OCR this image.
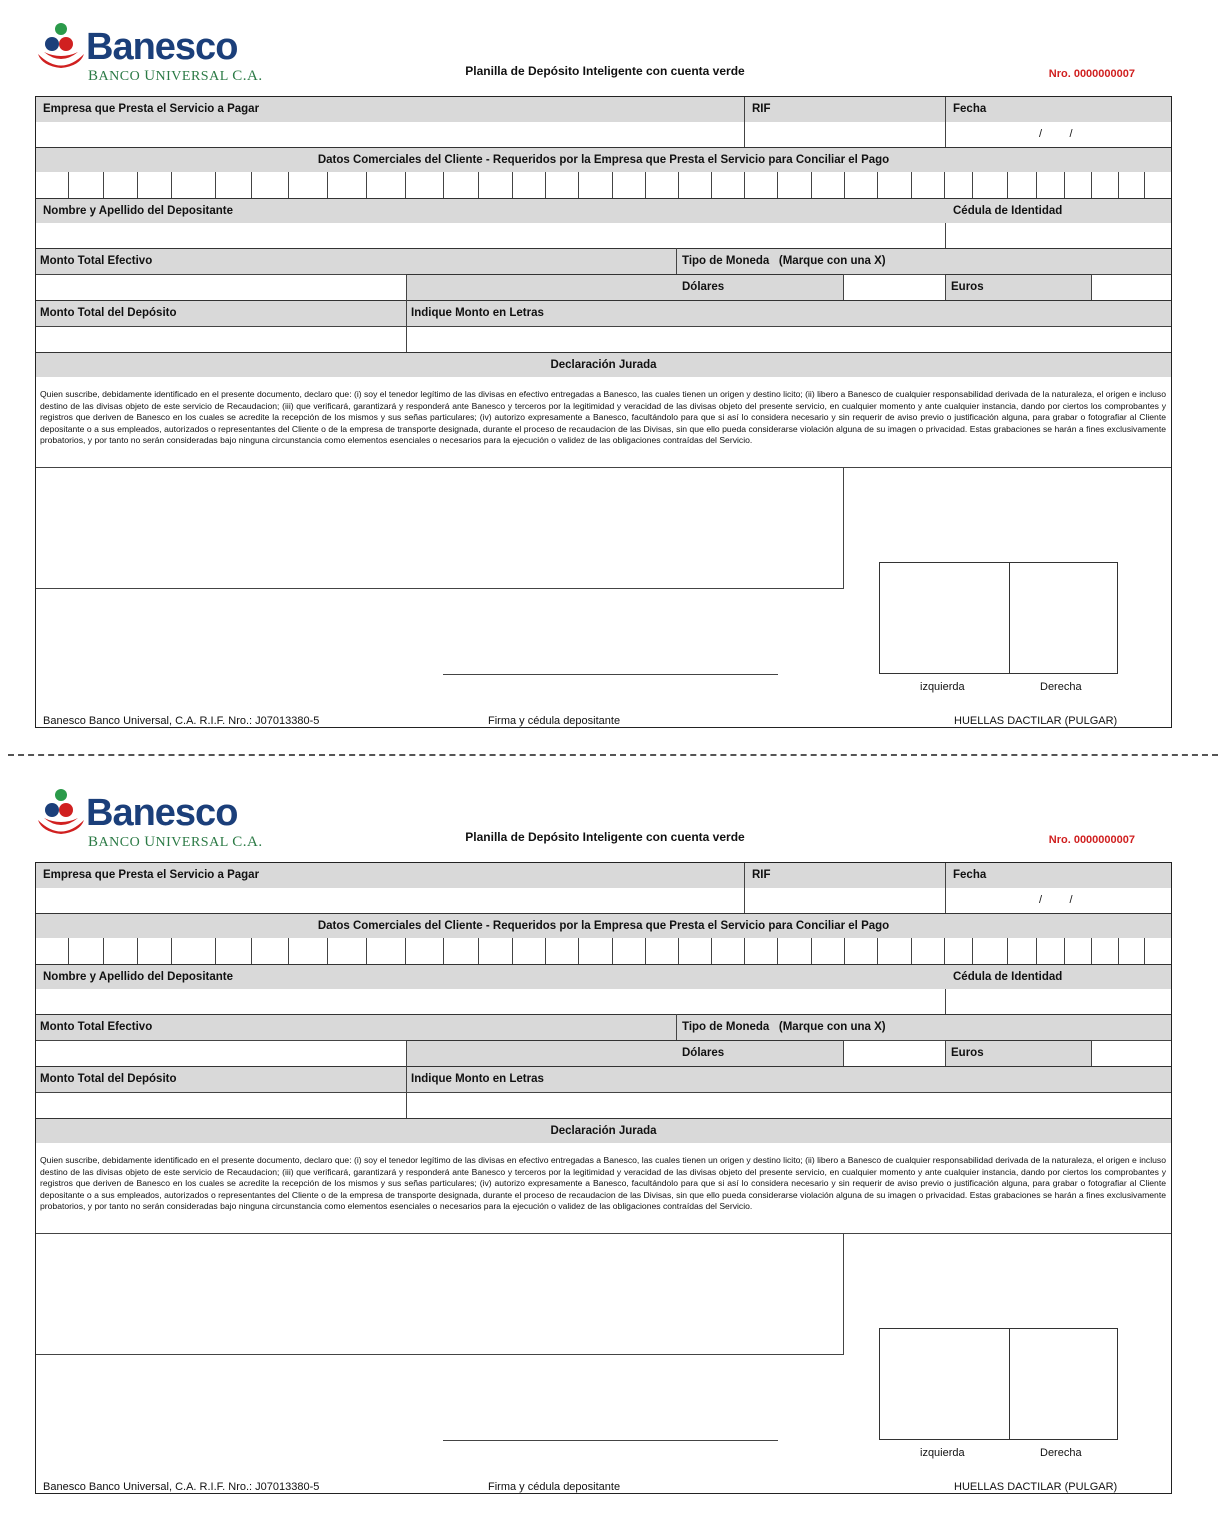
Banesco
BANCO UNIVERSAL C.A.	Planilla de Depósito Inteligente con cuenta verde	Nro. 0000000007
Empresa que Presta el Servicio a Pagar	RIF	Fecha
/         /
Datos Comerciales del Cliente - Requeridos por la Empresa que Presta el Servicio para Conciliar el Pago
Nombre y Apellido del Depositante	Cédula de Identidad
Monto Total Efectivo	Tipo de Moneda   (Marque con una X)
Dólares	Euros
Monto Total del Depósito	Indique Monto en Letras
Declaración Jurada
Quien suscribe, debidamente identificado en el presente documento, declaro que: (i) soy el tenedor legítimo de las divisas en efectivo entregadas a Banesco, las cuales tienen un origen y destino licito; (ii) libero a Banesco de cualquier responsabilidad derivada de la naturaleza, el origen e incluso destino de las divisas objeto de este servicio de Recaudacion; (iii) que verificará, garantizará y responderá ante Banesco y terceros por la legitimidad y veracidad de las divisas objeto del presente servicio, en cualquier momento y ante cualquier instancia, dando por ciertos los comprobantes y registros que deriven de Banesco en los cuales se acredite la recepción de los mismos y sus señas particulares; (iv) autorizo expresamente a Banesco, facultándolo para que si así lo considera necesario y sin requerir de aviso previo o justificación alguna, para grabar o fotografiar al Cliente depositante o a sus empleados, autorizados o representantes del Cliente o de la empresa de transporte designada, durante el proceso de recaudacion de las Divisas, sin que ello pueda considerarse violación alguna de su imagen o privacidad. Estas grabaciones se harán a fines exclusivamente probatorios, y por tanto no serán consideradas bajo ninguna circunstancia como elementos esenciales o necesarios para la ejecución o validez de las obligaciones contraídas del Servicio.
izquierda	Derecha
Banesco Banco Universal, C.A. R.I.F. Nro.: J07013380-5	Firma y cédula depositante	HUELLAS DACTILAR (PULGAR)
Banesco
BANCO UNIVERSAL C.A.	Planilla de Depósito Inteligente con cuenta verde	Nro. 0000000007
Empresa que Presta el Servicio a Pagar	RIF	Fecha
/         /
Datos Comerciales del Cliente - Requeridos por la Empresa que Presta el Servicio para Conciliar el Pago
Nombre y Apellido del Depositante	Cédula de Identidad
Monto Total Efectivo	Tipo de Moneda   (Marque con una X)
Dólares	Euros
Monto Total del Depósito	Indique Monto en Letras
Declaración Jurada
Quien suscribe, debidamente identificado en el presente documento, declaro que: (i) soy el tenedor legítimo de las divisas en efectivo entregadas a Banesco, las cuales tienen un origen y destino licito; (ii) libero a Banesco de cualquier responsabilidad derivada de la naturaleza, el origen e incluso destino de las divisas objeto de este servicio de Recaudacion; (iii) que verificará, garantizará y responderá ante Banesco y terceros por la legitimidad y veracidad de las divisas objeto del presente servicio, en cualquier momento y ante cualquier instancia, dando por ciertos los comprobantes y registros que deriven de Banesco en los cuales se acredite la recepción de los mismos y sus señas particulares; (iv) autorizo expresamente a Banesco, facultándolo para que si así lo considera necesario y sin requerir de aviso previo o justificación alguna, para grabar o fotografiar al Cliente depositante o a sus empleados, autorizados o representantes del Cliente o de la empresa de transporte designada, durante el proceso de recaudacion de las Divisas, sin que ello pueda considerarse violación alguna de su imagen o privacidad. Estas grabaciones se harán a fines exclusivamente probatorios, y por tanto no serán consideradas bajo ninguna circunstancia como elementos esenciales o necesarios para la ejecución o validez de las obligaciones contraídas del Servicio.
izquierda	Derecha
Banesco Banco Universal, C.A. R.I.F. Nro.: J07013380-5	Firma y cédula depositante	HUELLAS DACTILAR (PULGAR)
